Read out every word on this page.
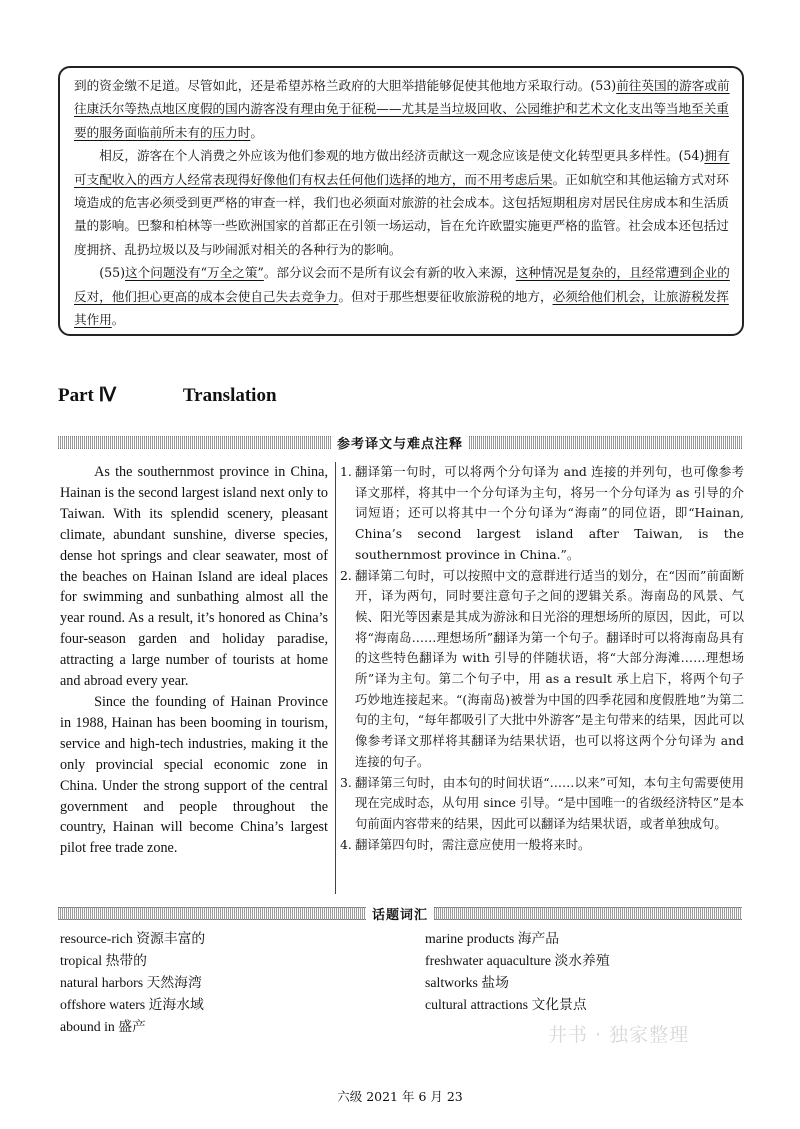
到的资金缴不足道。尽管如此，还是希望苏格兰政府的大胆举措能够促使其他地方采取行动。(53)前往英国的游客或前往康沃尔等热点地区度假的国内游客没有理由免于征税——尤其是当垃圾回收、公园维护和艺术文化支出等当地至关重要的服务面临前所未有的压力时。

相反，游客在个人消费之外应该为他们参观的地方做出经济贡献这一观念应该是使文化转型更具多样性。(54)拥有可支配收入的西方人经常表现得好像他们有权去任何他们选择的地方，而不用考虑后果。正如航空和其他运输方式对环境造成的危害必须受到更严格的审查一样，我们也必须面对旅游的社会成本。这包括短期租房对居民住房成本和生活质量的影响。巴黎和柏林等一些欧洲国家的首都正在引领一场运动，旨在允许欧盟实施更严格的监管。社会成本还包括过度拥挤、乱扔垃圾以及与吵闹派对相关的各种行为的影响。

(55)这个问题没有“万全之策”。部分议会而不是所有议会有新的收入来源，这种情况是复杂的，且经常遭到企业的反对，他们担心更高的成本会使自己失去竞争力。但对于那些想要征收旅游税的地方，必须给他们机会，让旅游税发挥其作用。

Part Ⅳ	Translation
参考译文与难点注释

As the southernmost province in China, Hainan is the second largest island next only to Taiwan. With its splendid scenery, pleasant climate, abundant sunshine, diverse species, dense hot springs and clear seawater, most of the beaches on Hainan Island are ideal places for swimming and sunbathing almost all the year round. As a result, it’s honored as China’s four-season garden and holiday paradise, attracting a large number of tourists at home and abroad every year.

Since the founding of Hainan Province in 1988, Hainan has been booming in tourism, service and high-tech industries, making it the only provincial special economic zone in China. Under the strong support of the central government and people throughout the country, Hainan will become China’s largest pilot free trade zone.

1. 翻译第一句时，可以将两个分句译为 and 连接的并列句，也可像参考译文那样，将其中一个分句译为主句，将另一个分句译为 as 引导的介词短语；还可以将其中一个分句译为“海南”的同位语，即“Hainan, China’s second largest island after Taiwan, is the southernmost province in China.”。
2. 翻译第二句时，可以按照中文的意群进行适当的划分，在“因而”前面断开，译为两句，同时要注意句子之间的逻辑关系。海南岛的风景、气候、阳光等因素是其成为游泳和日光浴的理想场所的原因，因此，可以将“海南岛……理想场所”翻译为第一个句子。翻译时可以将海南岛具有的这些特色翻译为 with 引导的伴随状语，将“大部分海滩……理想场所”译为主句。第二个句子中，用 as a result 承上启下，将两个句子巧妙地连接起来。“(海南岛)被誉为中国的四季花园和度假胜地”为第二句的主句，“每年都吸引了大批中外游客”是主句带来的结果，因此可以像参考译文那样将其翻译为结果状语，也可以将这两个分句译为 and 连接的句子。
3. 翻译第三句时，由本句的时间状语“……以来”可知，本句主句需要使用现在完成时态，从句用 since 引导。“是中国唯一的省级经济特区”是本句前面内容带来的结果，因此可以翻译为结果状语，或者单独成句。
4. 翻译第四句时，需注意应使用一般将来时。
话题词汇
resource-rich 资源丰富的
tropical 热带的
natural harbors 天然海湾
offshore waters 近海水域
abound in 盛产
marine products 海产品
freshwater aquaculture 淡水养殖
saltworks 盐场
cultural attractions 文化景点
井书 · 独家整理
六级 2021 年 6 月 23
